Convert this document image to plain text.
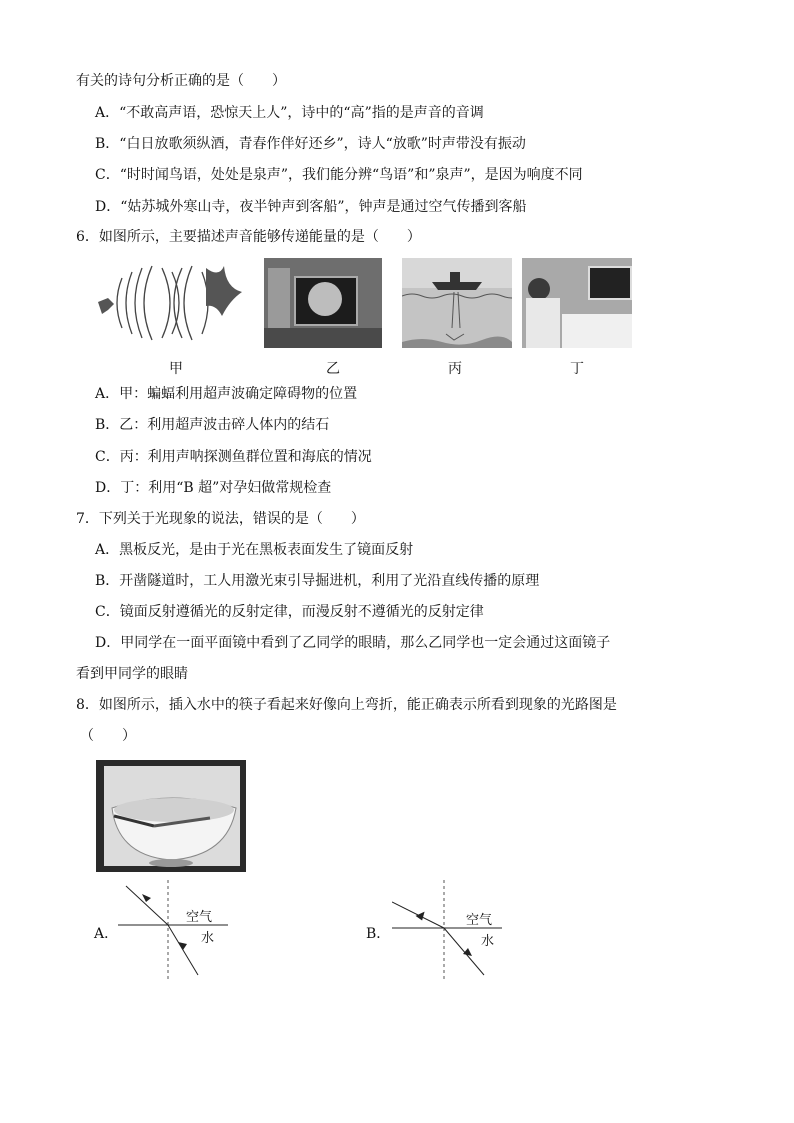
有关的诗句分析正确的是（　　）
A．“不敢高声语，恐惊天上人”，诗中的“高”指的是声音的音调
B．“白日放歌须纵酒，青春作伴好还乡”，诗人“放歌”时声带没有振动
C．“时时闻鸟语，处处是泉声”，我们能分辨“鸟语”和”泉声”，是因为响度不同
D．“姑苏城外寒山寺，夜半钟声到客船”，钟声是通过空气传播到客船
6．如图所示，主要描述声音能够传递能量的是（　　）
甲	乙	丙	丁
A．甲：蝙蝠利用超声波确定障碍物的位置
B．乙：利用超声波击碎人体内的结石
C．丙：利用声呐探测鱼群位置和海底的情况
D．丁：利用“B 超”对孕妇做常规检查
7．下列关于光现象的说法，错误的是（　　）
A．黑板反光，是由于光在黑板表面发生了镜面反射
B．开凿隧道时，工人用激光束引导掘进机，利用了光沿直线传播的原理
C．镜面反射遵循光的反射定律，而漫反射不遵循光的反射定律
D．甲同学在一面平面镜中看到了乙同学的眼睛，那么乙同学也一定会通过这面镜子
看到甲同学的眼睛
8．如图所示，插入水中的筷子看起来好像向上弯折，能正确表示所看到现象的光路图是
（　　）
A．
空气
水	B．
空气
水
